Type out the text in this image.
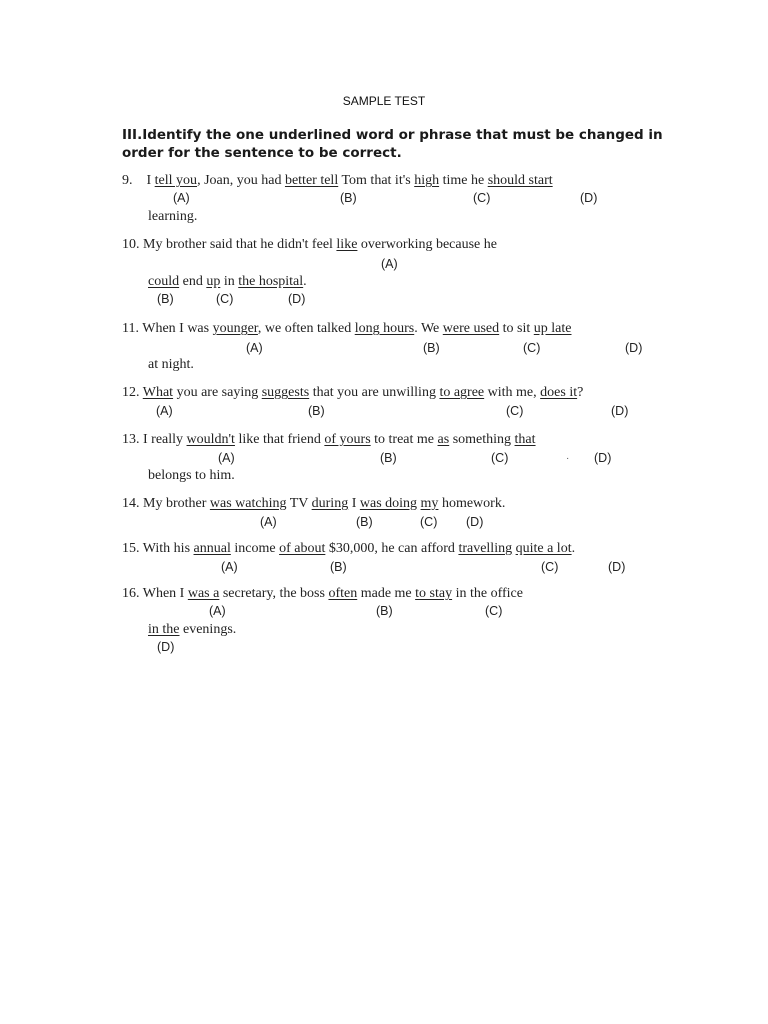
SAMPLE TEST

III.Identify the one underlined word or phrase that must be changed in order for the sentence to be correct.

9. I tell you, Joan, you had better tell Tom that it's high time he should start
learning.
(A)	(B)	(C)	(D)
10. My brother said that he didn't feel like overworking because he
could end up in the hospital.
(A)
(B)	(C)	(D)
11. When I was younger, we often talked long hours. We were used to sit up late
at night.
(A)	(B)	(C)	(D)
12. What you are saying suggests that you are unwilling to agree with me, does it?
(A)	(B)	(C)	(D)
13. I really wouldn't like that friend of yours to treat me as something that
belongs to him.
(A)	(B)	(C)	(D)
14. My brother was watching TV during I was doing my homework.
(A)	(B)	(C) (D)
15. With his annual income of about $30,000, he can afford travelling quite a lot.
(A)	(B)	(C)	(D)
16. When I was a secretary, the boss often made me to stay in the office
in the evenings.
(A)	(B)	(C)
(D)
·
